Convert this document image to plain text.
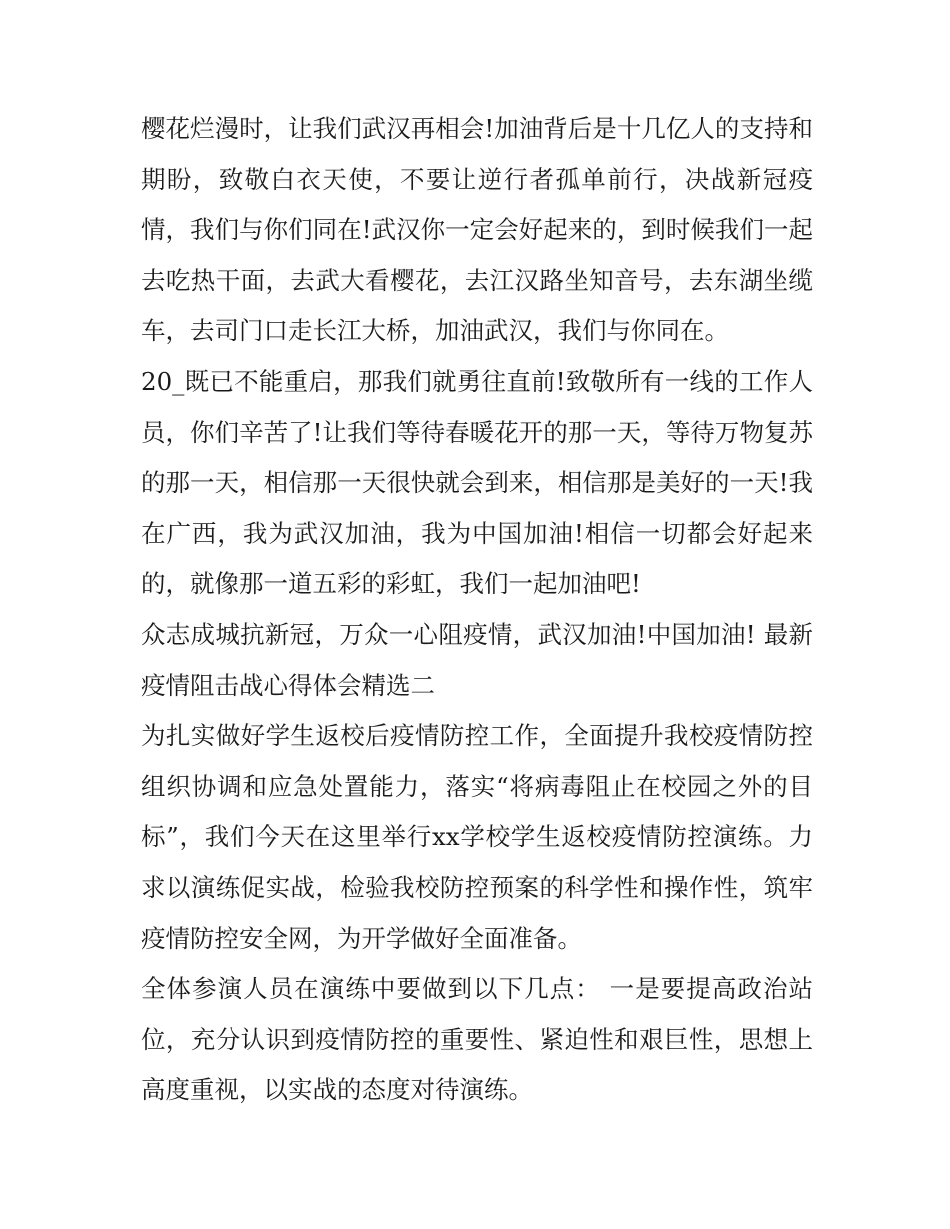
樱花烂漫时，让我们武汉再相会!加油背后是十几亿人的支持和期盼，致敬白衣天使，不要让逆行者孤单前行，决战新冠疫情，我们与你们同在!武汉你一定会好起来的，到时候我们一起去吃热干面，去武大看樱花，去江汉路坐知音号，去东湖坐缆车，去司门口走长江大桥，加油武汉，我们与你同在。

20_既已不能重启，那我们就勇往直前!致敬所有一线的工作人员，你们辛苦了!让我们等待春暖花开的那一天，等待万物复苏的那一天，相信那一天很快就会到来，相信那是美好的一天!我在广西，我为武汉加油，我为中国加油!相信一切都会好起来的，就像那一道五彩的彩虹，我们一起加油吧!

众志成城抗新冠，万众一心阻疫情，武汉加油!中国加油! 最新疫情阻击战心得体会精选二

为扎实做好学生返校后疫情防控工作，全面提升我校疫情防控组织协调和应急处置能力，落实“将病毒阻止在校园之外的目标”，我们今天在这里举行xx学校学生返校疫情防控演练。力求以演练促实战，检验我校防控预案的科学性和操作性，筑牢疫情防控安全网，为开学做好全面准备。

全体参演人员在演练中要做到以下几点： 一是要提高政治站位，充分认识到疫情防控的重要性、紧迫性和艰巨性，思想上高度重视，以实战的态度对待演练。
